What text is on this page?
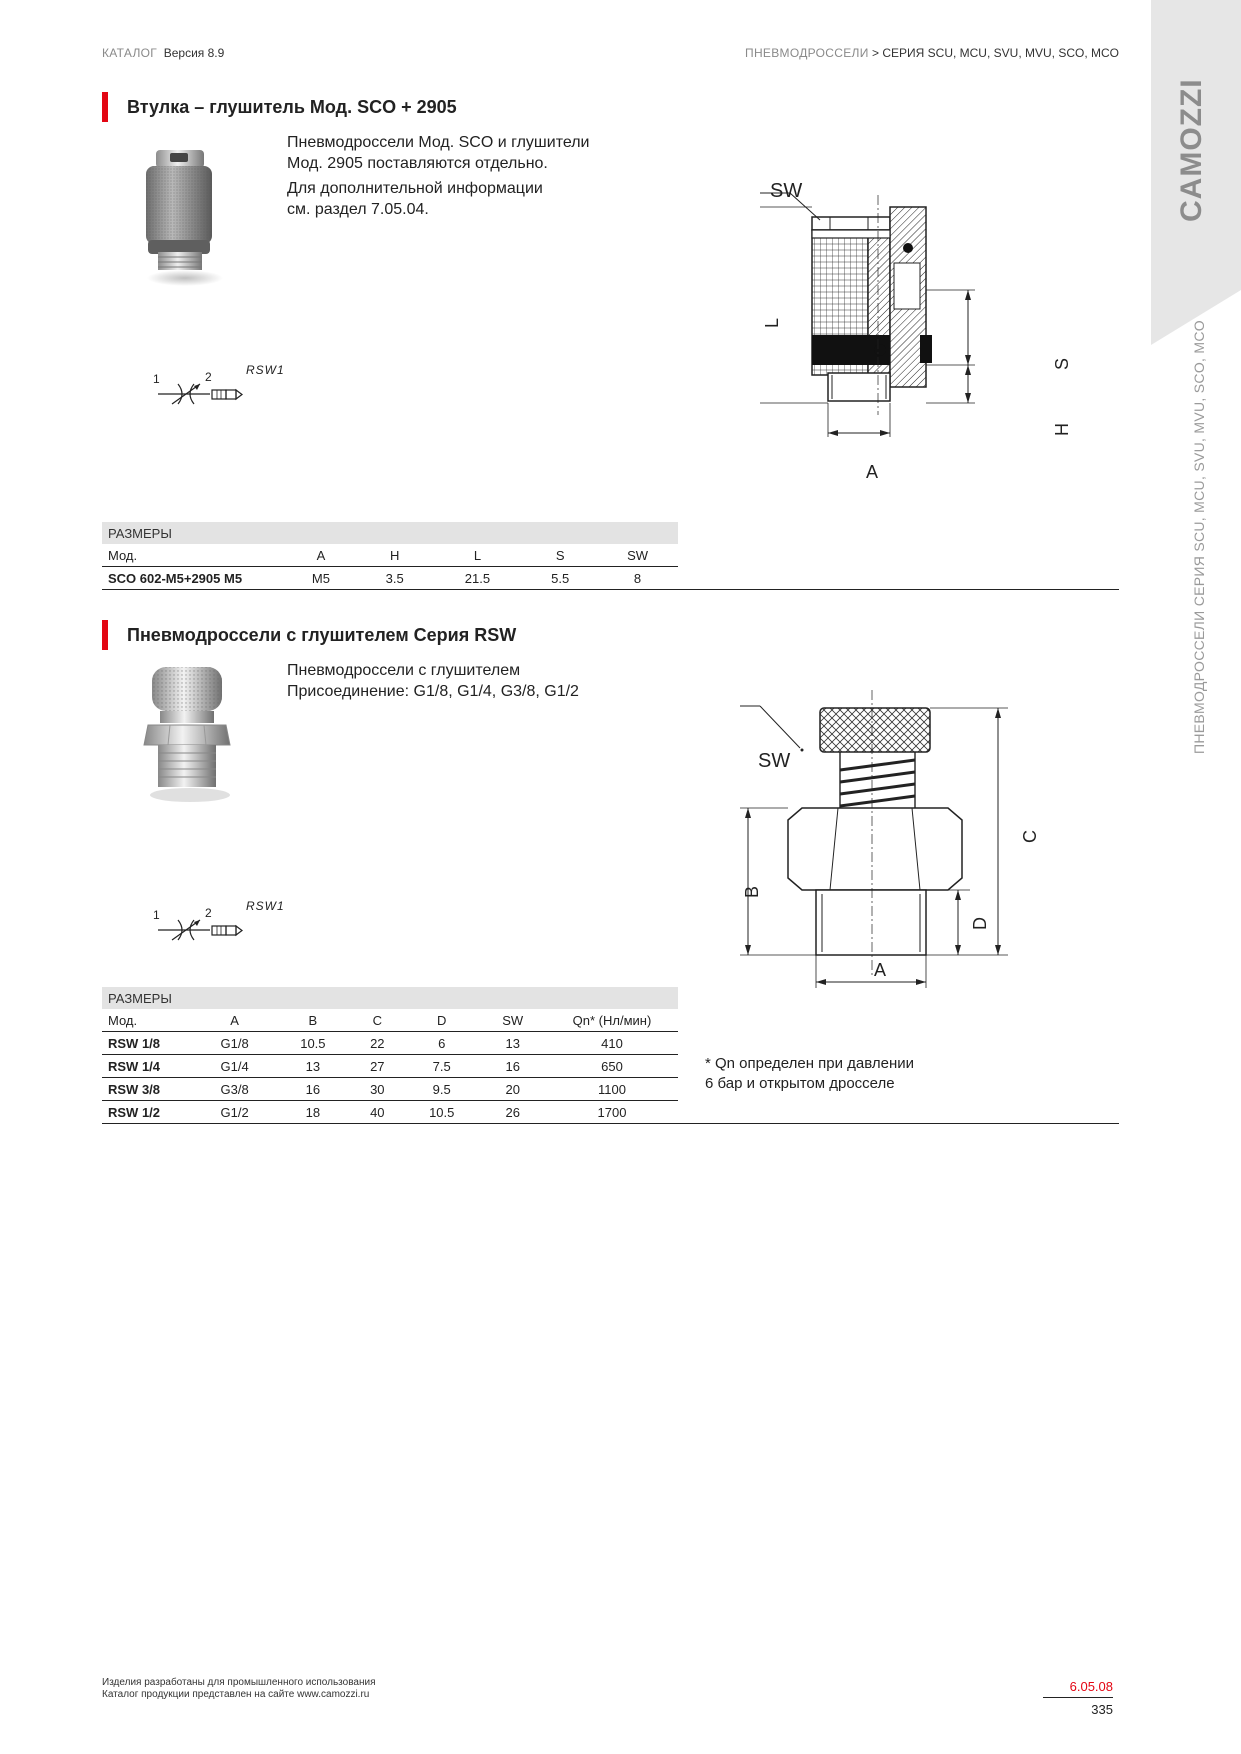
КАТАЛОГ Версия 8.9	ПНЕВМОДРОССЕЛИ > СЕРИЯ SCU, MCU, SVU, MVU, SCO, MCO
CAMOZZI
ПНЕВМОДРОССЕЛИ СЕРИЯ SCU, MCU, SVU, MVU, SCO, MCO
Втулка – глушитель Мод. SCO + 2905
Пневмодроссели Мод. SCO и глушители
Мод. 2905 поставляются отдельно.
Для дополнительной информации
см. раздел 7.05.04.
1	2	RSW1
SW
L
S
H
A
РАЗМЕРЫ					
Мод.	A	H	L	S	SW
SCO 602-M5+2905 M5	M5	3.5	21.5	5.5	8
Пневмодроссели с глушителем Серия RSW
Пневмодроссели с глушителем
Присоединение: G1/8, G1/4, G3/8, G1/2
1	2	RSW1
SW
B
C
D
A
РАЗМЕРЫ						
Мод.	A	B	C	D	SW	Qn* (Нл/мин)
RSW 1/8	G1/8	10.5	22	6	13	410
RSW 1/4	G1/4	13	27	7.5	16	650
RSW 3/8	G3/8	16	30	9.5	20	1100
RSW 1/2	G1/2	18	40	10.5	26	1700
* Qn определен при давлении
6 бар и открытом дросселе
Изделия разработаны для промышленного использования
Каталог продукции представлен на сайте www.camozzi.ru
6.05.08
335
